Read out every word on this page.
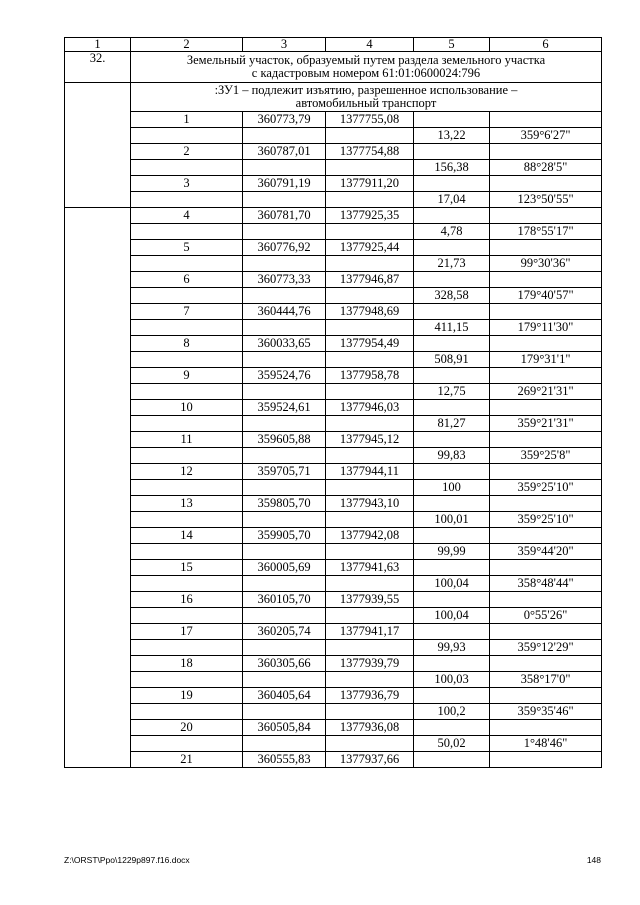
1	2	3	4	5	6
32.	Земельный участок, образуемый путем раздела земельного участка
с кадастровым номером 61:01:0600024:796				

	:ЗУ1 – подлежит изъятию, разрешенное использование –
автомобильный транспорт				

	1	360773,79	1377755,08		
				13,22	359°6'27"
	2	360787,01	1377754,88		
				156,38	88°28'5"
	3	360791,19	1377911,20		
				17,04	123°50'55"
	4	360781,70	1377925,35		
				4,78	178°55'17"
	5	360776,92	1377925,44		
				21,73	99°30'36"
	6	360773,33	1377946,87		
				328,58	179°40'57"
	7	360444,76	1377948,69		
				411,15	179°11'30"
	8	360033,65	1377954,49		
				508,91	179°31'1"
	9	359524,76	1377958,78		
				12,75	269°21'31"
	10	359524,61	1377946,03		
				81,27	359°21'31"
	11	359605,88	1377945,12		
				99,83	359°25'8"
	12	359705,71	1377944,11		
				100	359°25'10"
	13	359805,70	1377943,10		
				100,01	359°25'10"
	14	359905,70	1377942,08		
				99,99	359°44'20"
	15	360005,69	1377941,63		
				100,04	358°48'44"
	16	360105,70	1377939,55		
				100,04	0°55'26"
	17	360205,74	1377941,17		
				99,93	359°12'29"
	18	360305,66	1377939,79		
				100,03	358°17'0"
	19	360405,64	1377936,79		
				100,2	359°35'46"
	20	360505,84	1377936,08		
				50,02	1°48'46"
	21	360555,83	1377937,66		
Z:\ORST\Ppo\1229p897.f16.docx	148
